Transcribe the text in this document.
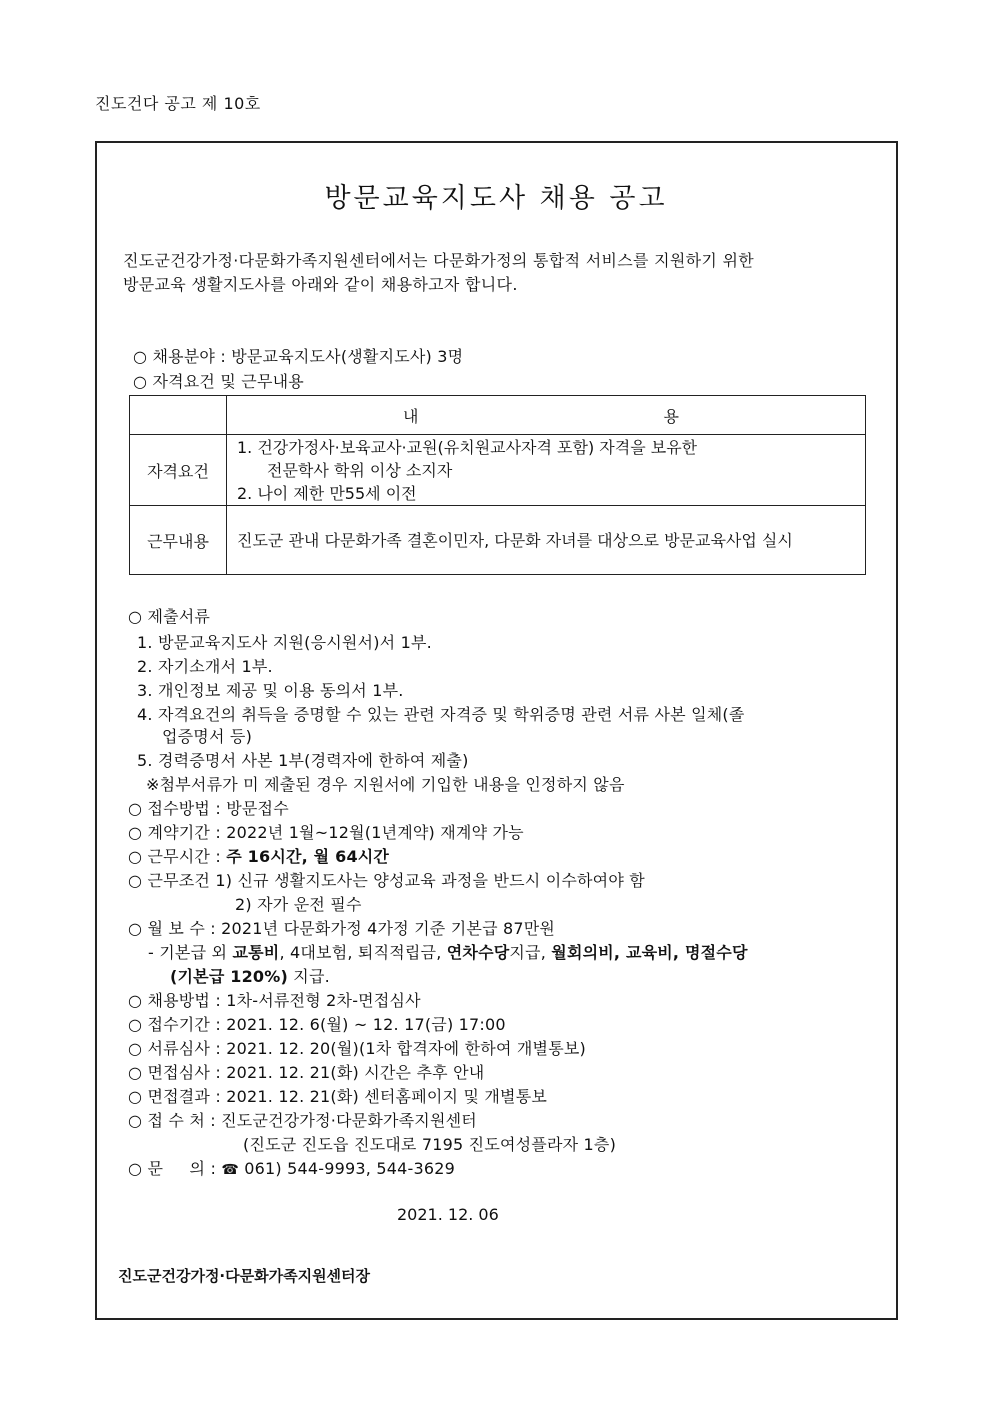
진도건다 공고 제 10호
방문교육지도사 채용 공고
진도군건강가정·다문화가족지원센터에서는 다문화가정의 통합적 서비스를 지원하기 위한
방문교육 생활지도사를 아래와 같이 채용하고자 합니다.
○ 채용분야 : 방문교육지도사(생활지도사) 3명
○ 자격요건 및 근무내용
	내 용
자격요건	1. 건강가정사·보육교사·교원(유치원교사자격 포함) 자격을 보유한
전문학사 학위 이상 소지자
2. 나이 제한 만55세 이전

근무내용	진도군 관내 다문화가족 결혼이민자, 다문화 자녀를 대상으로 방문교육사업 실시
○ 제출서류
1. 방문교육지도사 지원(응시원서)서 1부.
2. 자기소개서 1부.
3. 개인정보 제공 및 이용 동의서 1부.
4. 자격요건의 취득을 증명할 수 있는 관련 자격증 및 학위증명 관련 서류 사본 일체(졸
업증명서 등)
5. 경력증명서 사본 1부(경력자에 한하여 제출)
※첨부서류가 미 제출된 경우 지원서에 기입한 내용을 인정하지 않음
○ 접수방법 : 방문접수
○ 계약기간 : 2022년 1월~12월(1년계약) 재계약 가능
○ 근무시간 : 주 16시간, 월 64시간
○ 근무조건 1) 신규 생활지도사는 양성교육 과정을 반드시 이수하여야 함
2) 자가 운전 필수
○ 월 보 수 : 2021년 다문화가정 4가정 기준 기본급 87만원
- 기본급 외 교통비, 4대보험, 퇴직적립금, 연차수당지급, 월회의비, 교육비, 명절수당
(기본급 120%) 지급.
○ 채용방법 : 1차-서류전형 2차-면접심사
○ 접수기간 : 2021. 12. 6(월) ~ 12. 17(금) 17:00
○ 서류심사 : 2021. 12. 20(월)(1차 합격자에 한하여 개별통보)
○ 면접심사 : 2021. 12. 21(화) 시간은 추후 안내
○ 면접결과 : 2021. 12. 21(화) 센터홈페이지 및 개별통보
○ 접 수 처 : 진도군건강가정·다문화가족지원센터
(진도군 진도읍 진도대로 7195 진도여성플라자 1층)
○ 문     의 : ☎ 061) 544-9993, 544-3629
2021. 12. 06
진도군건강가정·다문화가족지원센터장
